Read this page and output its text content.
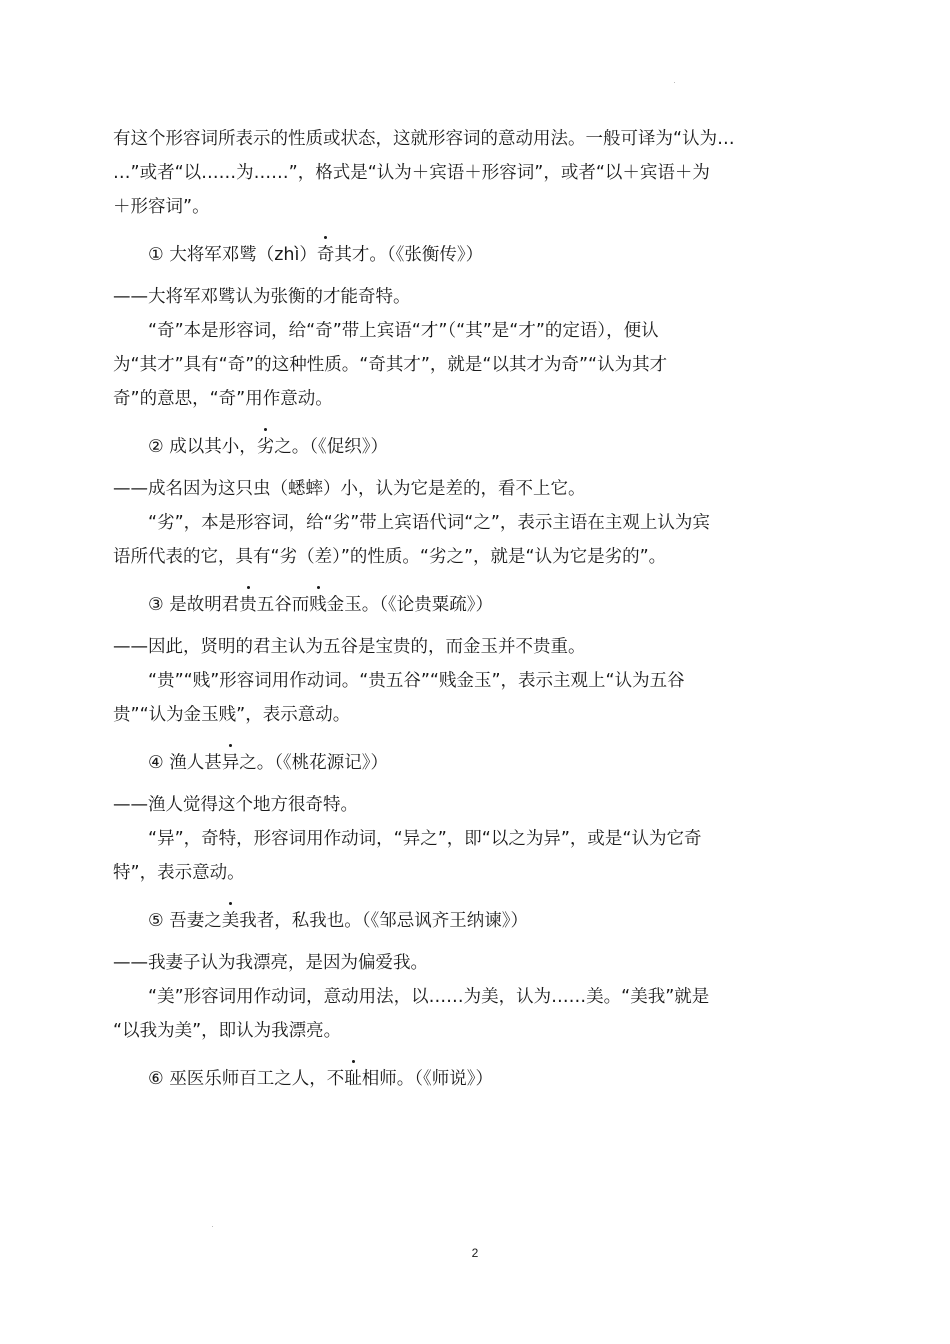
有这个形容词所表示的性质或状态，这就形容词的意动用法。一般可译为“认为…

…”或者“以……为……”，格式是“认为＋宾语＋形容词”，或者“以＋宾语＋为

＋形容词”。

① 大将军邓骘（zhì）奇其才。（《张衡传》）

——大将军邓骘认为张衡的才能奇特。

“奇”本是形容词，给“奇”带上宾语“才”（“其”是“才”的定语），便认

为“其才”具有“奇”的这种性质。“奇其才”，就是“以其才为奇”“认为其才

奇”的意思，“奇”用作意动。

② 成以其小，劣之。（《促织》）

——成名因为这只虫（蟋蟀）小，认为它是差的，看不上它。

“劣”，本是形容词，给“劣”带上宾语代词“之”，表示主语在主观上认为宾

语所代表的它，具有“劣（差）”的性质。“劣之”，就是“认为它是劣的”。

③ 是故明君贵五谷而贱金玉。（《论贵粟疏》）

——因此，贤明的君主认为五谷是宝贵的，而金玉并不贵重。

“贵”“贱”形容词用作动词。“贵五谷”“贱金玉”，表示主观上“认为五谷

贵”“认为金玉贱”，表示意动。

④ 渔人甚异之。（《桃花源记》）

——渔人觉得这个地方很奇特。

“异”，奇特，形容词用作动词，“异之”，即“以之为异”，或是“认为它奇

特”，表示意动。

⑤ 吾妻之美我者，私我也。（《邹忌讽齐王纳谏》）

——我妻子认为我漂亮，是因为偏爱我。

“美”形容词用作动词，意动用法，以……为美，认为……美。“美我”就是

“以我为美”，即认为我漂亮。

⑥ 巫医乐师百工之人，不耻相师。（《师说》）

2
